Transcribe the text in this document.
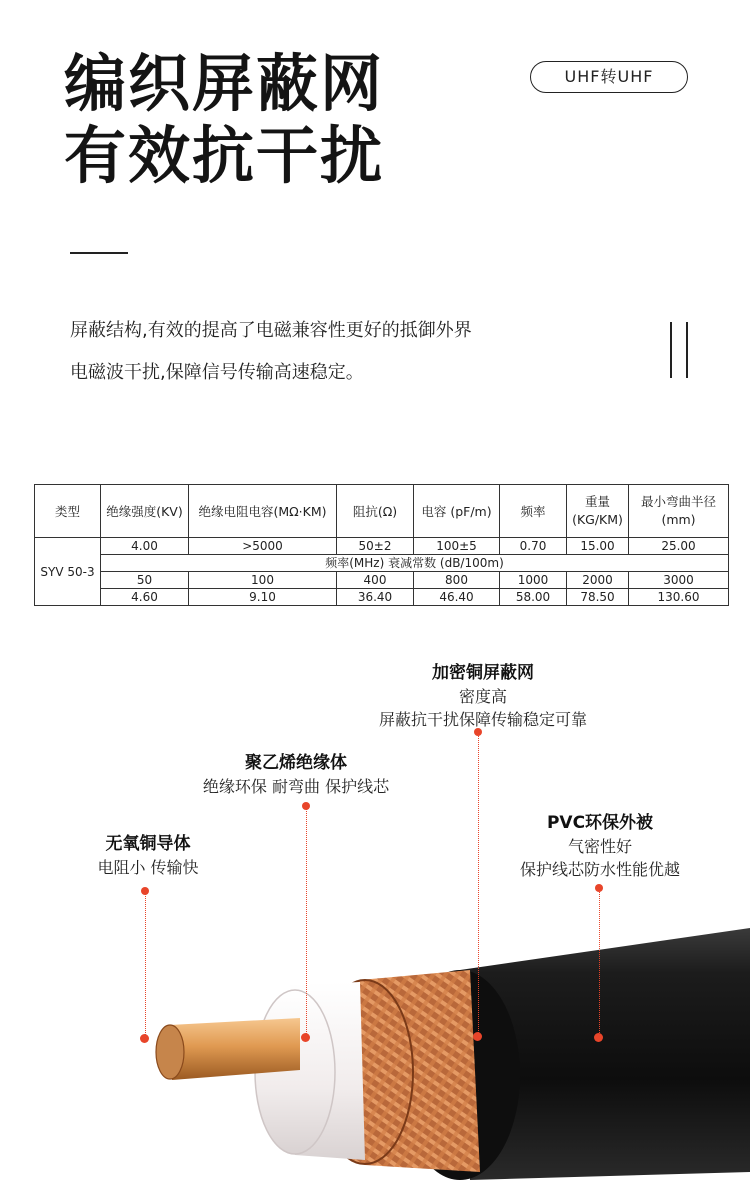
编织屏蔽网
有效抗干扰
UHF转UHF
屏蔽结构,有效的提高了电磁兼容性更好的抵御外界
电磁波干扰,保障信号传输高速稳定。
类型	绝缘强度(KV)	绝缘电阻电容(MΩ·KM)	阻抗(Ω)	电容 (pF/m)	频率	重量(KG/KM)	最小弯曲半径(mm)

SYV 50-3	4.00	>5000	50±2	100±5	0.70	15.00	25.00
	频率(MHz) 衰减常数 (dB/100m)						
	50	100	400	800	1000	2000	3000
	4.60	9.10	36.40	46.40	58.00	78.50	130.60
加密铜屏蔽网
密度高
屏蔽抗干扰保障传输稳定可靠
聚乙烯绝缘体
绝缘环保 耐弯曲 保护线芯
无氧铜导体
电阻小 传输快
PVC环保外被
气密性好
保护线芯防水性能优越
